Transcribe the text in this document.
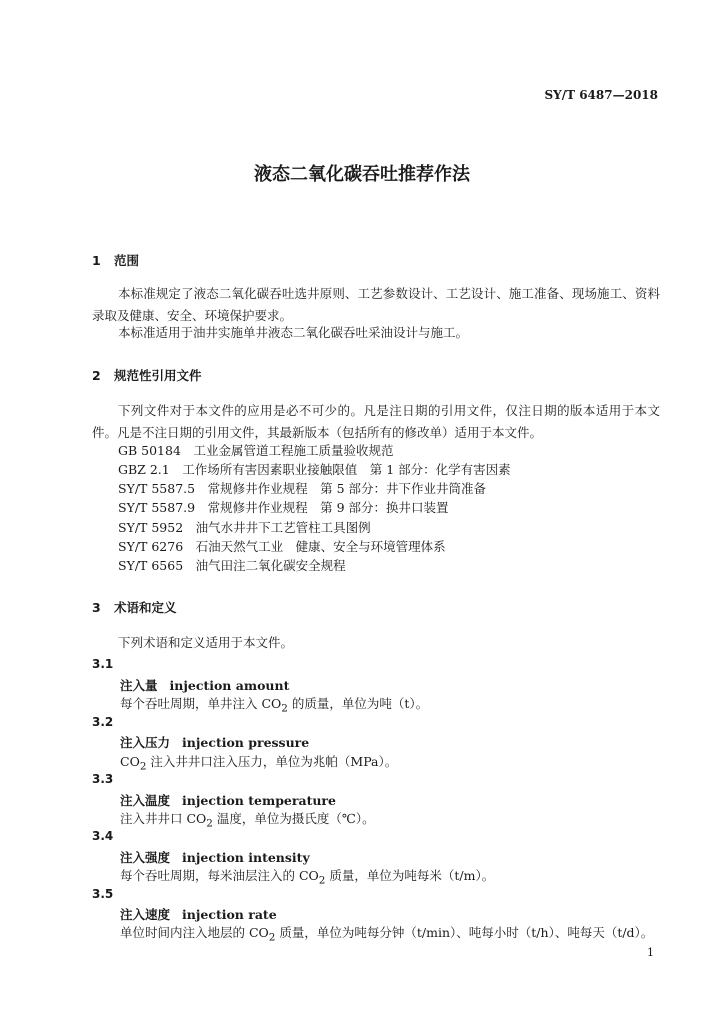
SY/T 6487—2018
液态二氧化碳吞吐推荐作法
1 范围
本标准规定了液态二氧化碳吞吐选井原则、工艺参数设计、工艺设计、施工准备、现场施工、资料录取及健康、安全、环境保护要求。
本标准适用于油井实施单井液态二氧化碳吞吐采油设计与施工。
2 规范性引用文件
下列文件对于本文件的应用是必不可少的。凡是注日期的引用文件，仅注日期的版本适用于本文件。凡是不注日期的引用文件，其最新版本（包括所有的修改单）适用于本文件。
GB 50184　 工业金属管道工程施工质量验收规范
GBZ 2.1　 工作场所有害因素职业接触限值　第 1 部分：化学有害因素
SY/T 5587.5　 常规修井作业规程　第 5 部分：井下作业井筒准备
SY/T 5587.9　 常规修井作业规程　第 9 部分：换井口装置
SY/T 5952　 油气水井井下工艺管柱工具图例
SY/T 6276　 石油天然气工业　健康、安全与环境管理体系
SY/T 6565　 油气田注二氧化碳安全规程
3 术语和定义
下列术语和定义适用于本文件。
3.1
注入量 injection amount
每个吞吐周期，单井注入 $CO_2$ 的质量，单位为吨（t）。
3.2
注入压力 injection pressure
$CO_2$ 注入井井口注入压力，单位为兆帕（MPa）。
3.3
注入温度 injection temperature
注入井井口 $CO_2$ 温度，单位为摄氏度（℃）。
3.4
注入强度 injection intensity
每个吞吐周期，每米油层注入的 $CO_2$ 质量，单位为吨每米（t/m）。
3.5
注入速度 injection rate
单位时间内注入地层的 $CO_2$ 质量，单位为吨每分钟（t/min）、吨每小时（t/h）、吨每天（t/d）。
1
